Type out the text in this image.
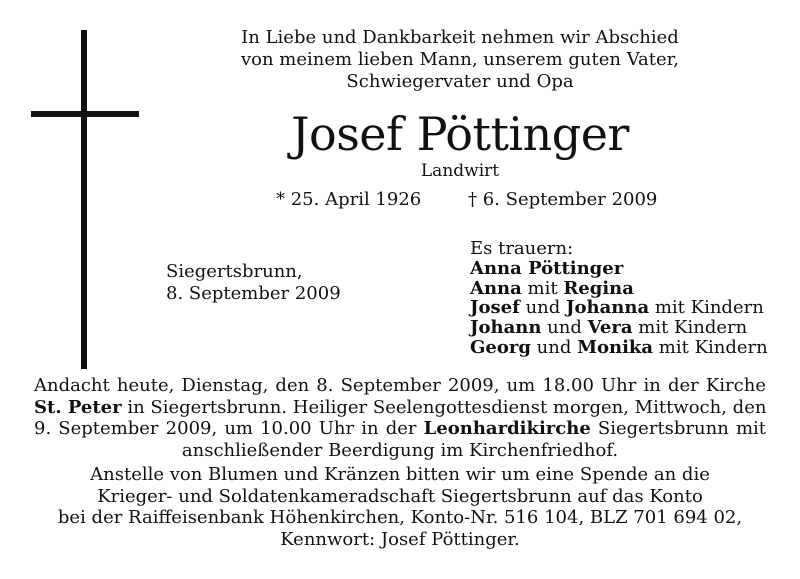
In Liebe und Dankbarkeit nehmen wir Abschied
von meinem lieben Mann, unserem guten Vater,
Schwiegervater und Opa
Josef Pöttinger
Landwirt
* 25. April 1926	† 6. September 2009
Siegertsbrunn,
8. September 2009
Es trauern:
Anna Pöttinger
Anna mit Regina
Josef und Johanna mit Kindern
Johann und Vera mit Kindern
Georg und Monika mit Kindern
Andacht heute, Dienstag, den 8. September 2009, um 18.00 Uhr in der Kirche
St. Peter in Siegertsbrunn. Heiliger Seelengottesdienst morgen, Mittwoch, den
9. September 2009, um 10.00 Uhr in der Leonhardikirche Siegertsbrunn mit
anschließender Beerdigung im Kirchenfriedhof.
Anstelle von Blumen und Kränzen bitten wir um eine Spende an die
Krieger- und Soldatenkameradschaft Siegertsbrunn auf das Konto
bei der Raiffeisenbank Höhenkirchen, Konto-Nr. 516 104, BLZ 701 694 02,
Kennwort: Josef Pöttinger.
